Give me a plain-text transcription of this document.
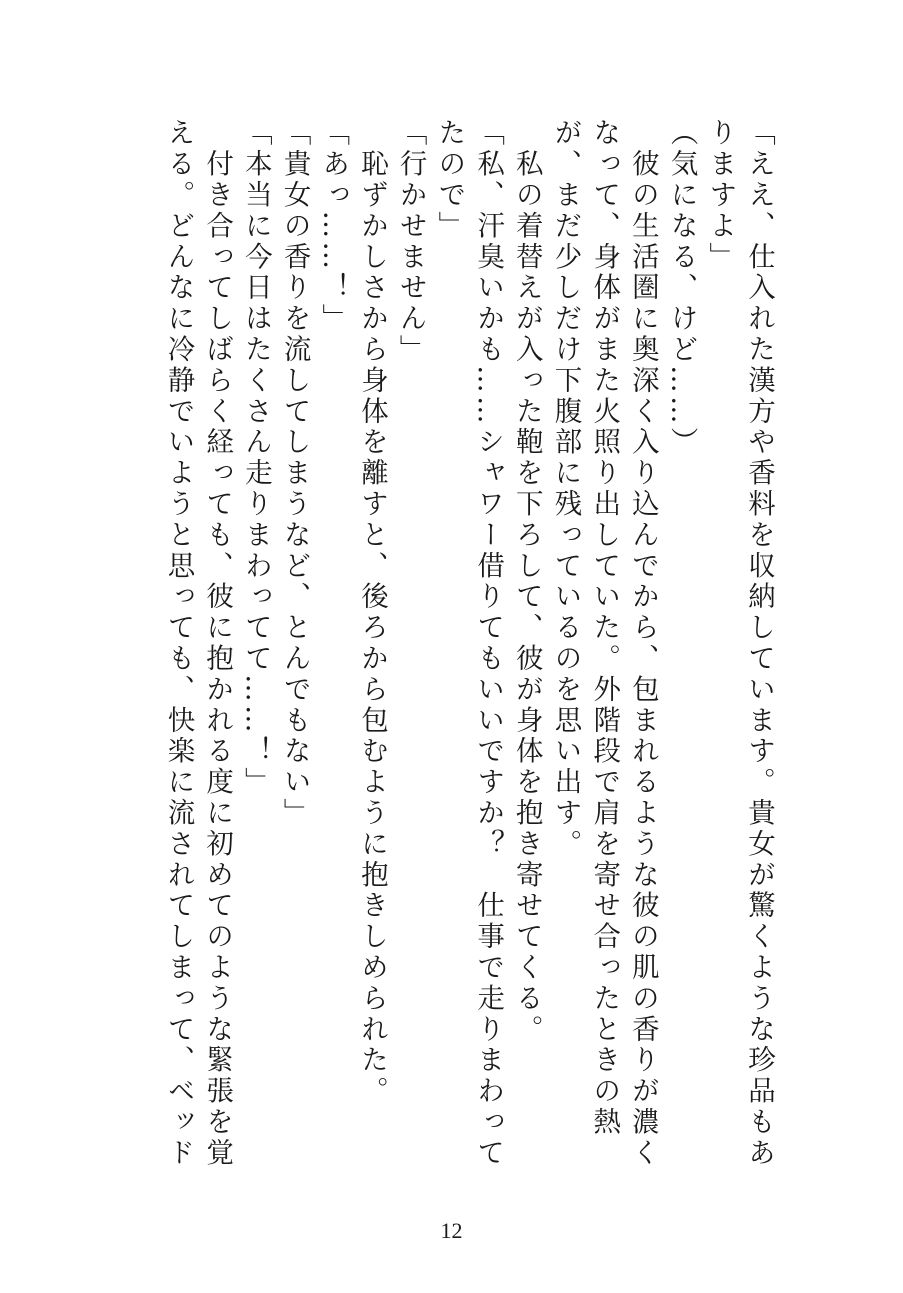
「ええ、仕入れた漢方や香料を収納しています。貴女が驚くような珍品もあ

りますよ」

（気になる、けど……）

　彼の生活圏に奥深く入り込んでから、包まれるような彼の肌の香りが濃く

なって、身体がまた火照り出していた。外階段で肩を寄せ合ったときの熱

が、まだ少しだけ下腹部に残っているのを思い出す。

　私の着替えが入った鞄を下ろして、彼が身体を抱き寄せてくる。

「私、汗臭いかも……シャワー借りてもいいですか？　仕事で走りまわって

たので」

「行かせません」

　恥ずかしさから身体を離すと、後ろから包むように抱きしめられた。

「あっ……！」

「貴女の香りを流してしまうなど、とんでもない」

「本当に今日はたくさん走りまわってて……！」

　付き合ってしばらく経っても、彼に抱かれる度に初めてのような緊張を覚

える。どんなに冷静でいようと思っても、快楽に流されてしまって、ベッド

12
